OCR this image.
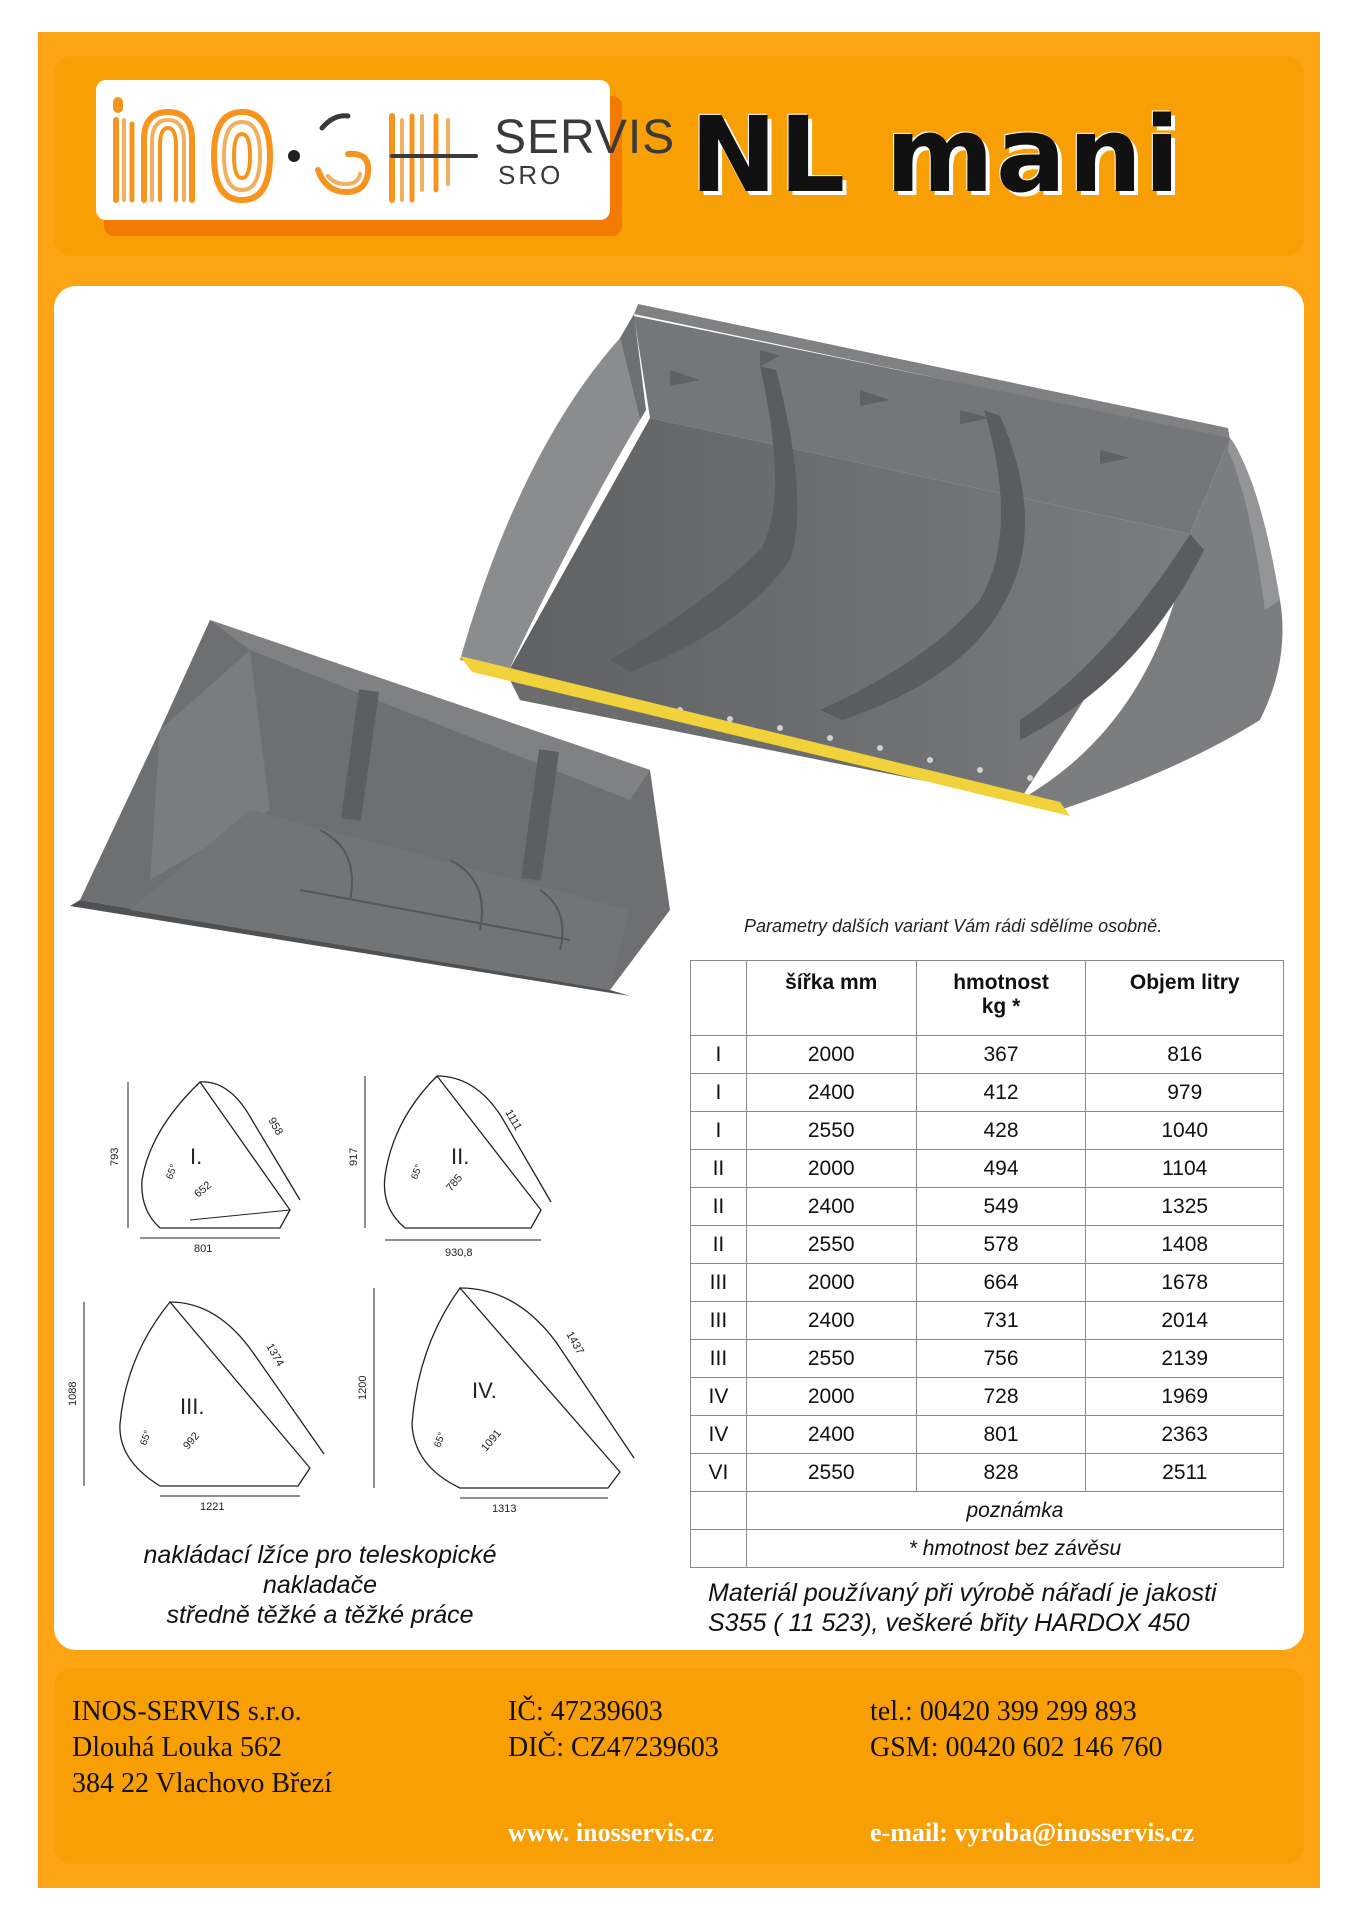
SERVIS
SRO NL mani
Parametry dalších variant Vám rádi sdělíme osobně.
	šířka mm	hmotnost kg *	Objem litry
I	2000	367	816
I	2400	412	979
I	2550	428	1040
II	2000	494	1104
II	2400	549	1325
II	2550	578	1408
III	2000	664	1678
III	2400	731	2014
III	2550	756	2139
IV	2000	728	1969
IV	2400	801	2363
VI	2550	828	2511
	poznámka		
	* hmotnost bez závěsu		
793
958
652
65°
I.
801
917
1111
785
65°
II.
930,8
1088
1374
992
65°
III.
1221
1200
1437
1091
65°
IV.
1313
nakládací lžíce pro teleskopické
nakladače
středně těžké a těžké práce
Materiál používaný při výrobě nářadí je jakosti
S355 ( 11 523), veškeré břity HARDOX 450
INOS-SERVIS s.r.o.
Dlouhá Louka 562
384 22 Vlachovo Březí
IČ: 47239603
DIČ: CZ47239603
tel.: 00420 399 299 893
GSM: 00420 602 146 760
www. inosservis.cz	e-mail: vyroba@inosservis.cz
